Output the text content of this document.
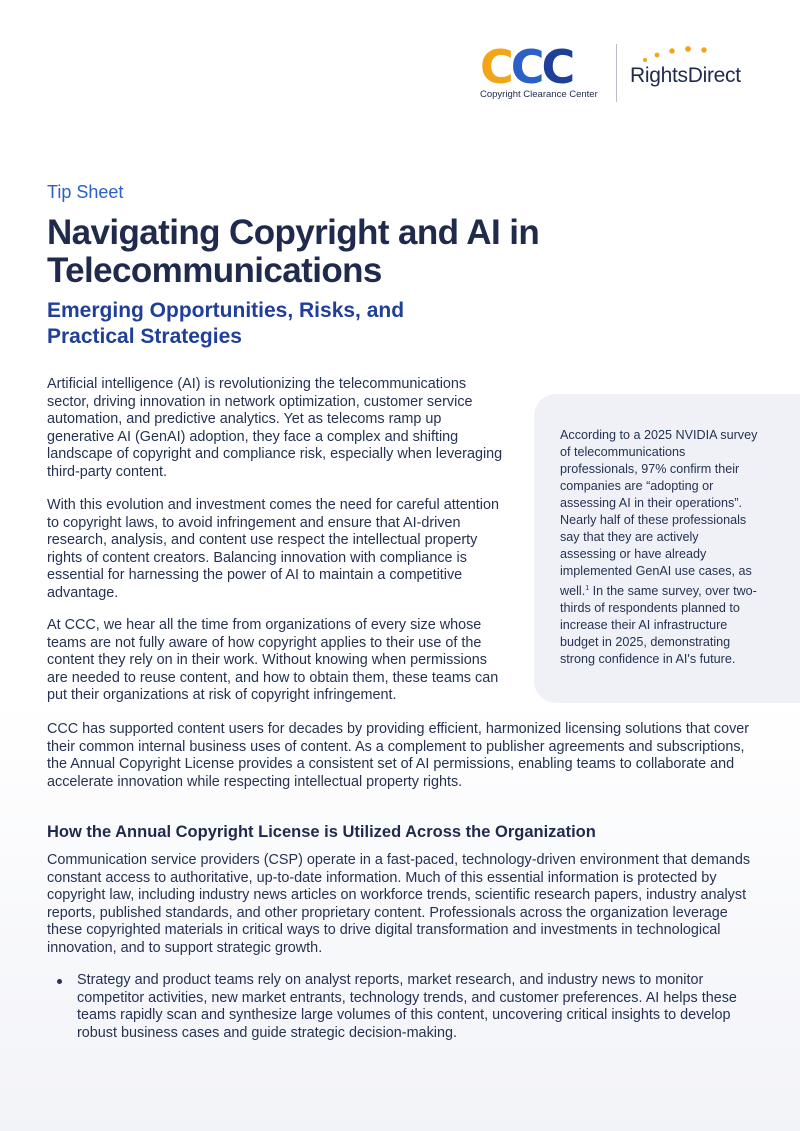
CCC
Copyright Clearance Center
RightsDirect
Tip Sheet
Navigating Copyright and AI in Telecommunications
Emerging Opportunities, Risks, and Practical Strategies

Artificial intelligence (AI) is revolutionizing the telecommunications sector, driving innovation in network optimization, customer service automation, and predictive analytics. Yet as telecoms ramp up generative AI (GenAI) adoption, they face a complex and shifting landscape of copyright and compliance risk, especially when leveraging third-party content.

With this evolution and investment comes the need for careful attention to copyright laws, to avoid infringement and ensure that AI-driven research, analysis, and content use respect the intellectual property rights of content creators. Balancing innovation with compliance is essential for harnessing the power of AI to maintain a competitive advantage.

At CCC, we hear all the time from organizations of every size whose teams are not fully aware of how copyright applies to their use of the content they rely on in their work. Without knowing when permissions are needed to reuse content, and how to obtain them, these teams can put their organizations at risk of copyright infringement.

According to a 2025 NVIDIA survey of telecommunications professionals, 97% confirm their companies are “adopting or assessing AI in their operations”. Nearly half of these professionals say that they are actively assessing or have already implemented GenAI use cases, as well.$^1$ In the same survey, over two-thirds of respondents planned to increase their AI infrastructure budget in 2025, demonstrating strong confidence in AI's future.

CCC has supported content users for decades by providing efficient, harmonized licensing solutions that cover their common internal business uses of content. As a complement to publisher agreements and subscriptions, the Annual Copyright License provides a consistent set of AI permissions, enabling teams to collaborate and accelerate innovation while respecting intellectual property rights.

How the Annual Copyright License is Utilized Across the Organization

Communication service providers (CSP) operate in a fast-paced, technology-driven environment that demands constant access to authoritative, up-to-date information. Much of this essential information is protected by copyright law, including industry news articles on workforce trends, scientific research papers, industry analyst reports, published standards, and other proprietary content. Professionals across the organization leverage these copyrighted materials in critical ways to drive digital transformation and investments in technological innovation, and to support strategic growth.

Strategy and product teams rely on analyst reports, market research, and industry news to monitor competitor activities, new market entrants, technology trends, and customer preferences. AI helps these teams rapidly scan and synthesize large volumes of this content, uncovering critical insights to develop robust business cases and guide strategic decision-making.
